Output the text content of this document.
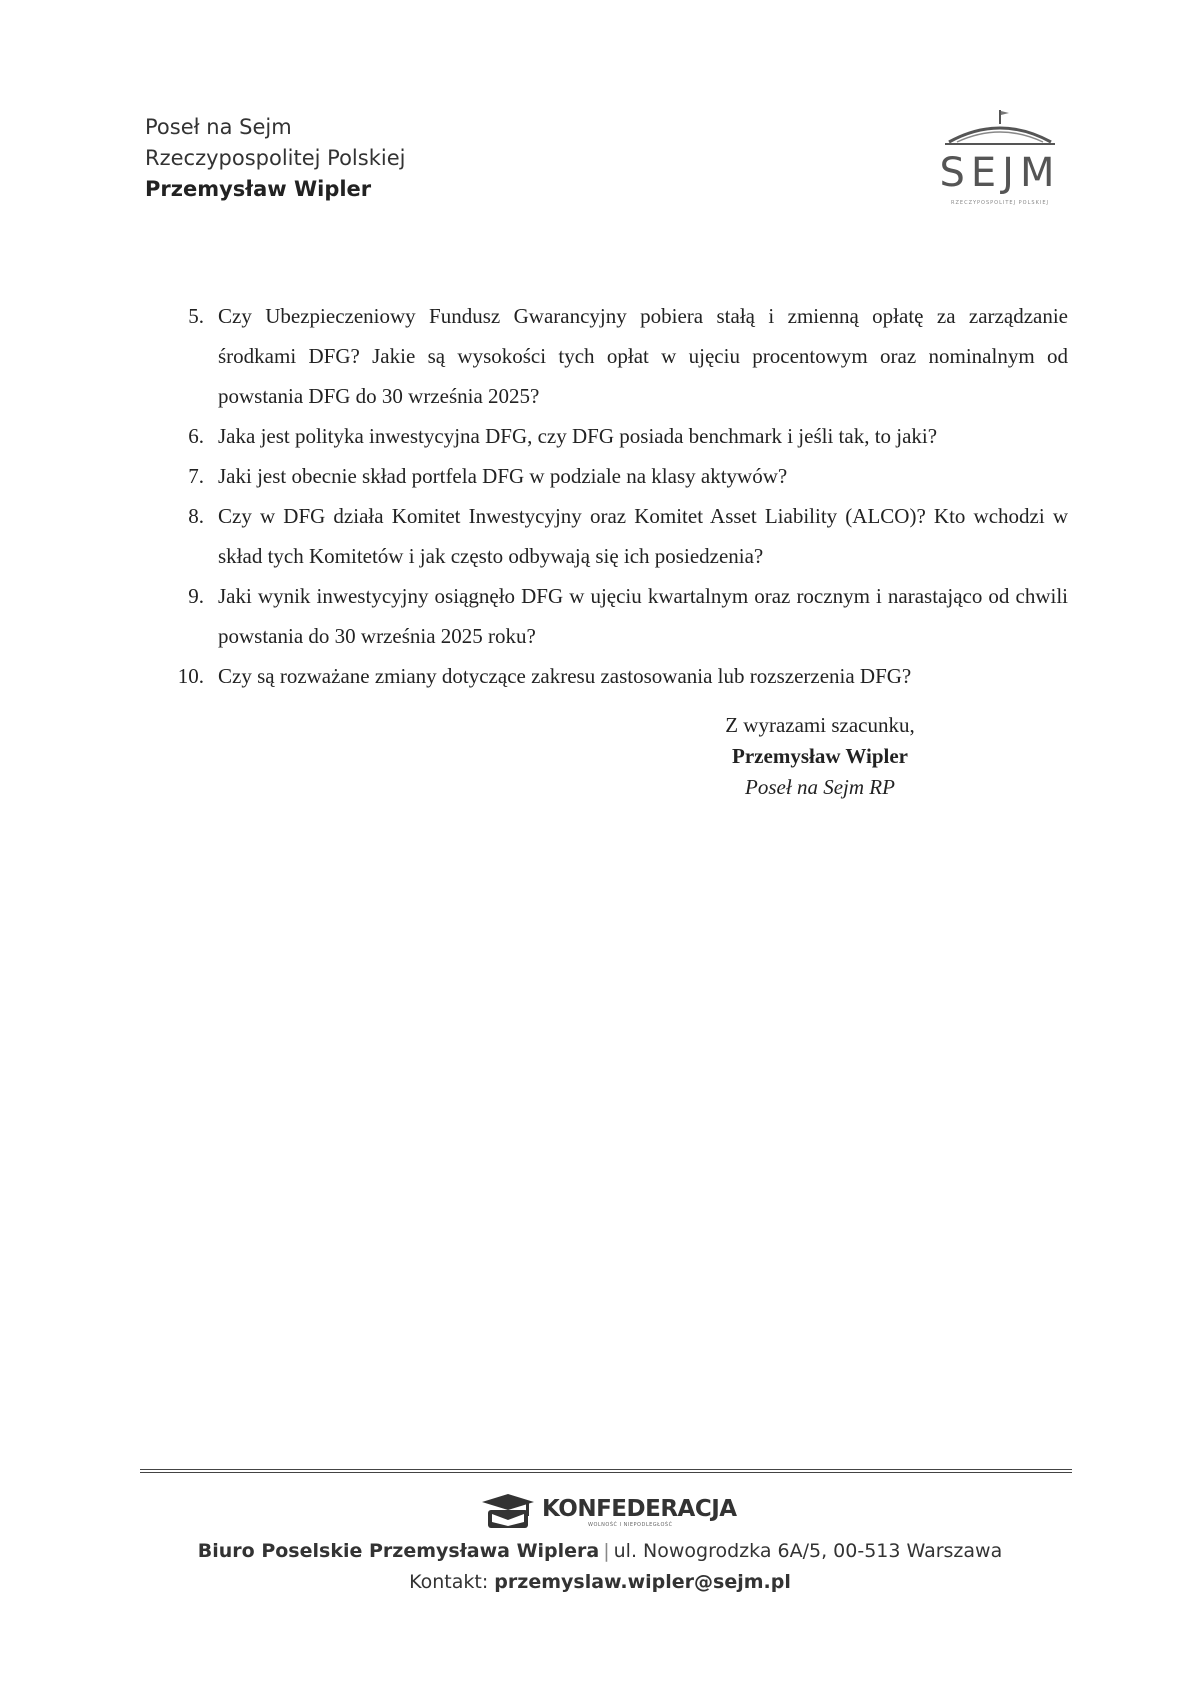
Poseł na Sejm
Rzeczypospolitej Polskiej
Przemysław Wipler	SEJM
RZECZYPOSPOLITEJ POLSKIEJ
5. Czy Ubezpieczeniowy Fundusz Gwarancyjny pobiera stałą i zmienną opłatę za zarządzanie środkami DFG? Jakie są wysokości tych opłat w ujęciu procentowym oraz nominalnym od powstania DFG do 30 września 2025?
6. Jaka jest polityka inwestycyjna DFG, czy DFG posiada benchmark i jeśli tak, to jaki?
7. Jaki jest obecnie skład portfela DFG w podziale na klasy aktywów?
8. Czy w DFG działa Komitet Inwestycyjny oraz Komitet Asset Liability (ALCO)? Kto wchodzi w skład tych Komitetów i jak często odbywają się ich posiedzenia?
9. Jaki wynik inwestycyjny osiągnęło DFG w ujęciu kwartalnym oraz rocznym i narastająco od chwili powstania do 30 września 2025 roku?
10. Czy są rozważane zmiany dotyczące zakresu zastosowania lub rozszerzenia DFG?
Z wyrazami szacunku,
Przemysław Wipler
Poseł na Sejm RP
KONFEDERACJA
WOLNOŚĆ I NIEPODLEGŁOŚĆ
Biuro Poselskie Przemysława Wiplera | ul. Nowogrodzka 6A/5, 00-513 Warszawa
Kontakt: przemyslaw.wipler@sejm.pl
